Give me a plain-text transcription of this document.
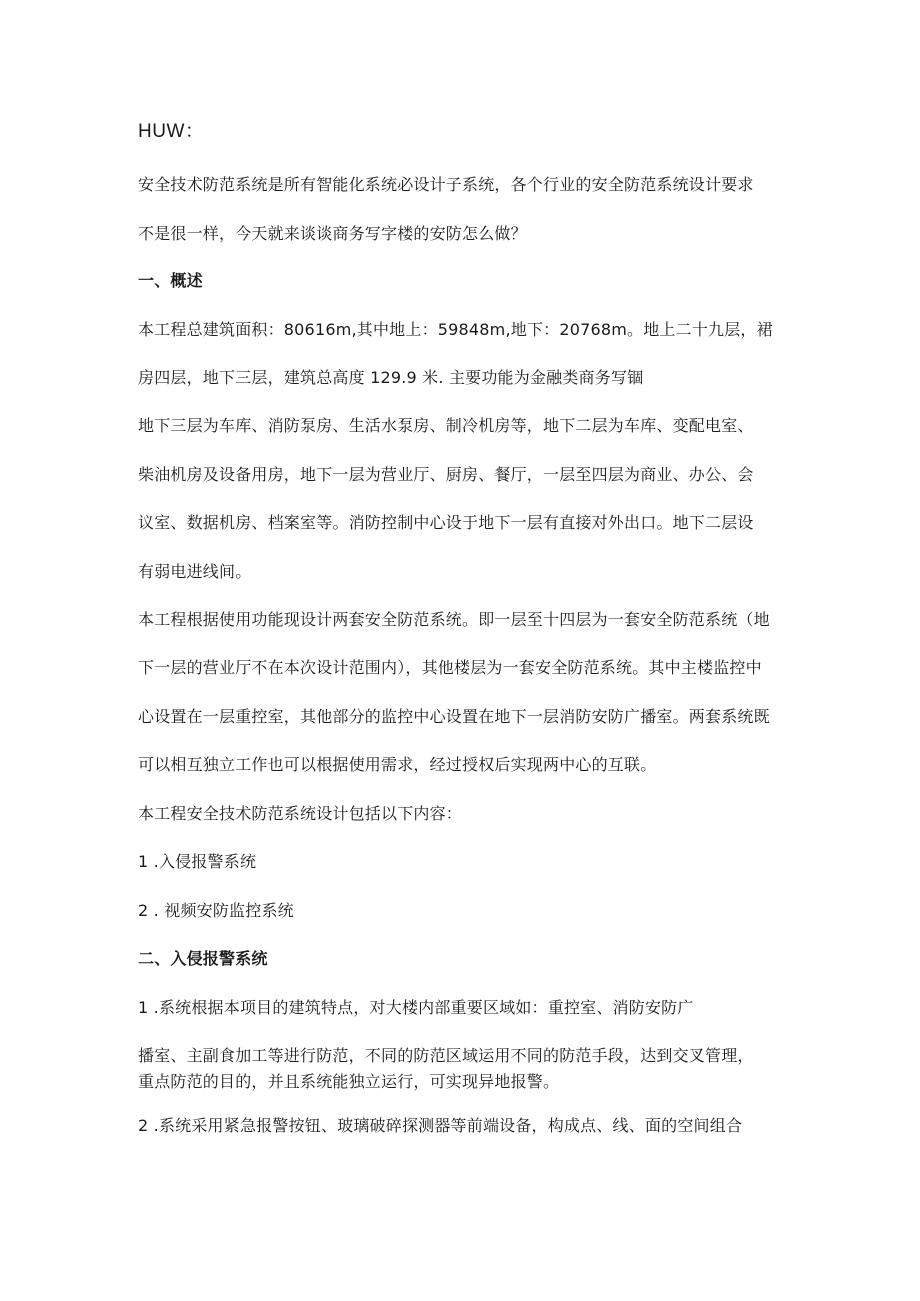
HUW：
安全技术防范系统是所有智能化系统必设计子系统，各个行业的安全防范系统设计要求
不是很一样，今天就来谈谈商务写字楼的安防怎么做？
一、概述
本工程总建筑面积：80616m,其中地上：59848m,地下：20768m。地上二十九层，裙
房四层，地下三层，建筑总高度 129.9 米. 主要功能为金融类商务写锢
地下三层为车库、消防泵房、生活水泵房、制冷机房等，地下二层为车库、变配电室、
柴油机房及设备用房，地下一层为营业厅、厨房、餐厅，一层至四层为商业、办公、会
议室、数据机房、档案室等。消防控制中心设于地下一层有直接对外出口。地下二层设
有弱电进线间。
本工程根据使用功能现设计两套安全防范系统。即一层至十四层为一套安全防范系统（地
下一层的营业厅不在本次设计范围内），其他楼层为一套安全防范系统。其中主楼监控中
心设置在一层重控室，其他部分的监控中心设置在地下一层消防安防广播室。两套系统既
可以相互独立工作也可以根据使用需求，经过授权后实现两中心的互联。
本工程安全技术防范系统设计包括以下内容：
1 .入侵报警系统
2 . 视频安防监控系统
二、入侵报警系统
1 .系统根据本项目的建筑特点，对大楼内部重要区域如：重控室、消防安防广
播室、主副食加工等进行防范，不同的防范区域运用不同的防范手段，达到交叉管理，
重点防范的目的，并且系统能独立运行，可实现异地报警。
2 .系统采用紧急报警按钮、玻璃破碎探测器等前端设备，构成点、线、面的空间组合
